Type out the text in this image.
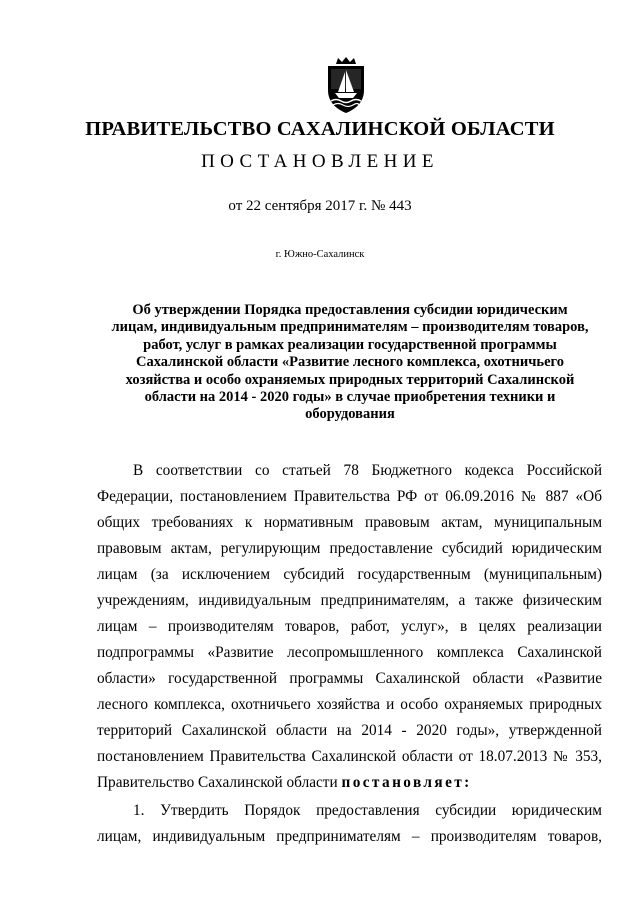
ПРАВИТЕЛЬСТВО САХАЛИНСКОЙ ОБЛАСТИ
ПОСТАНОВЛЕНИЕ
от 22 сентября 2017 г. № 443
г. Южно-Сахалинск
Об утверждении Порядка предоставления субсидии юридическим
лицам, индивидуальным предпринимателям – производителям товаров,
работ, услуг в рамках реализации государственной программы
Сахалинской области «Развитие лесного комплекса, охотничьего
хозяйства и особо охраняемых природных территорий Сахалинской
области на 2014 - 2020 годы» в случае приобретения техники и
оборудования
В соответствии со статьей 78 Бюджетного кодекса Российской
Федерации, постановлением Правительства РФ от 06.09.2016 № 887 «Об
общих требованиях к нормативным правовым актам, муниципальным
правовым актам, регулирующим предоставление субсидий юридическим
лицам (за исключением субсидий государственным (муниципальным)
учреждениям, индивидуальным предпринимателям, а также физическим
лицам – производителям товаров, работ, услуг», в целях реализации
подпрограммы «Развитие лесопромышленного комплекса Сахалинской
области» государственной программы Сахалинской области «Развитие
лесного комплекса, охотничьего хозяйства и особо охраняемых природных
территорий Сахалинской области на 2014 - 2020 годы», утвержденной
постановлением Правительства Сахалинской области от 18.07.2013 № 353,
Правительство Сахалинской области постановляет:
1. Утвердить Порядок предоставления субсидии юридическим
лицам, индивидуальным предпринимателям – производителям товаров,
